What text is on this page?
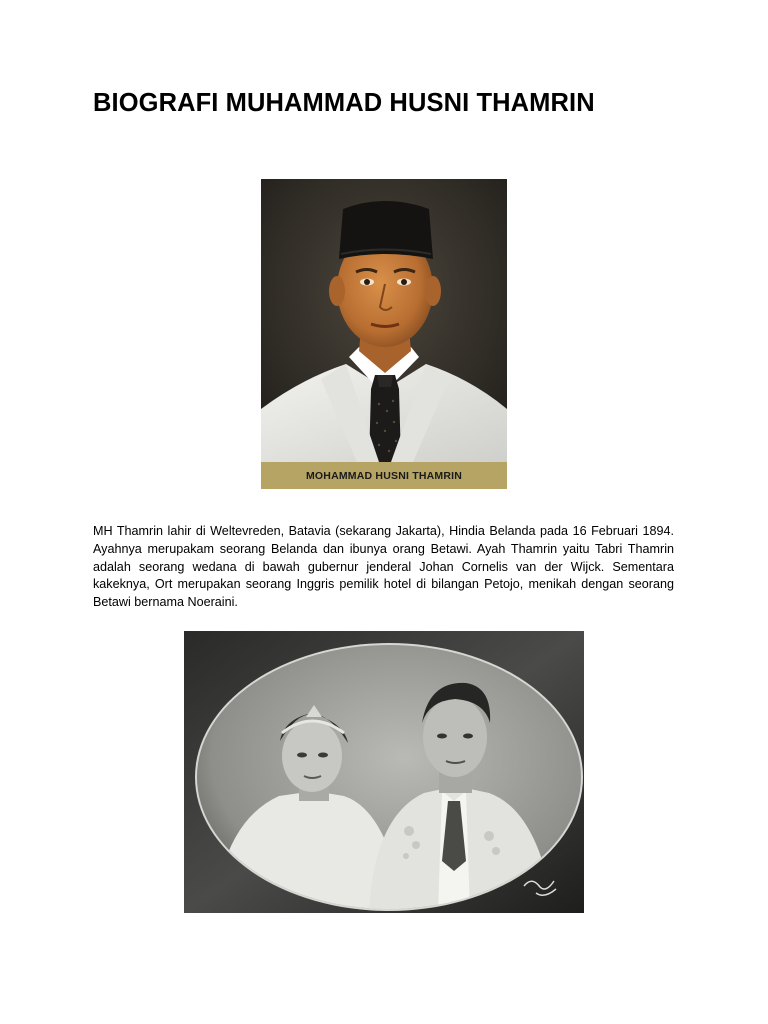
BIOGRAFI MUHAMMAD HUSNI THAMRIN
MOHAMMAD HUSNI THAMRIN

MH Thamrin lahir di Weltevreden, Batavia (sekarang Jakarta), Hindia Belanda pada 16 Februari 1894. Ayahnya merupakam seorang Belanda dan ibunya orang Betawi. Ayah Thamrin yaitu Tabri Thamrin adalah seorang wedana di bawah gubernur jenderal Johan Cornelis van der Wijck. Sementara kakeknya, Ort merupakan seorang Inggris pemilik hotel di bilangan Petojo, menikah dengan seorang Betawi bernama Noeraini.
